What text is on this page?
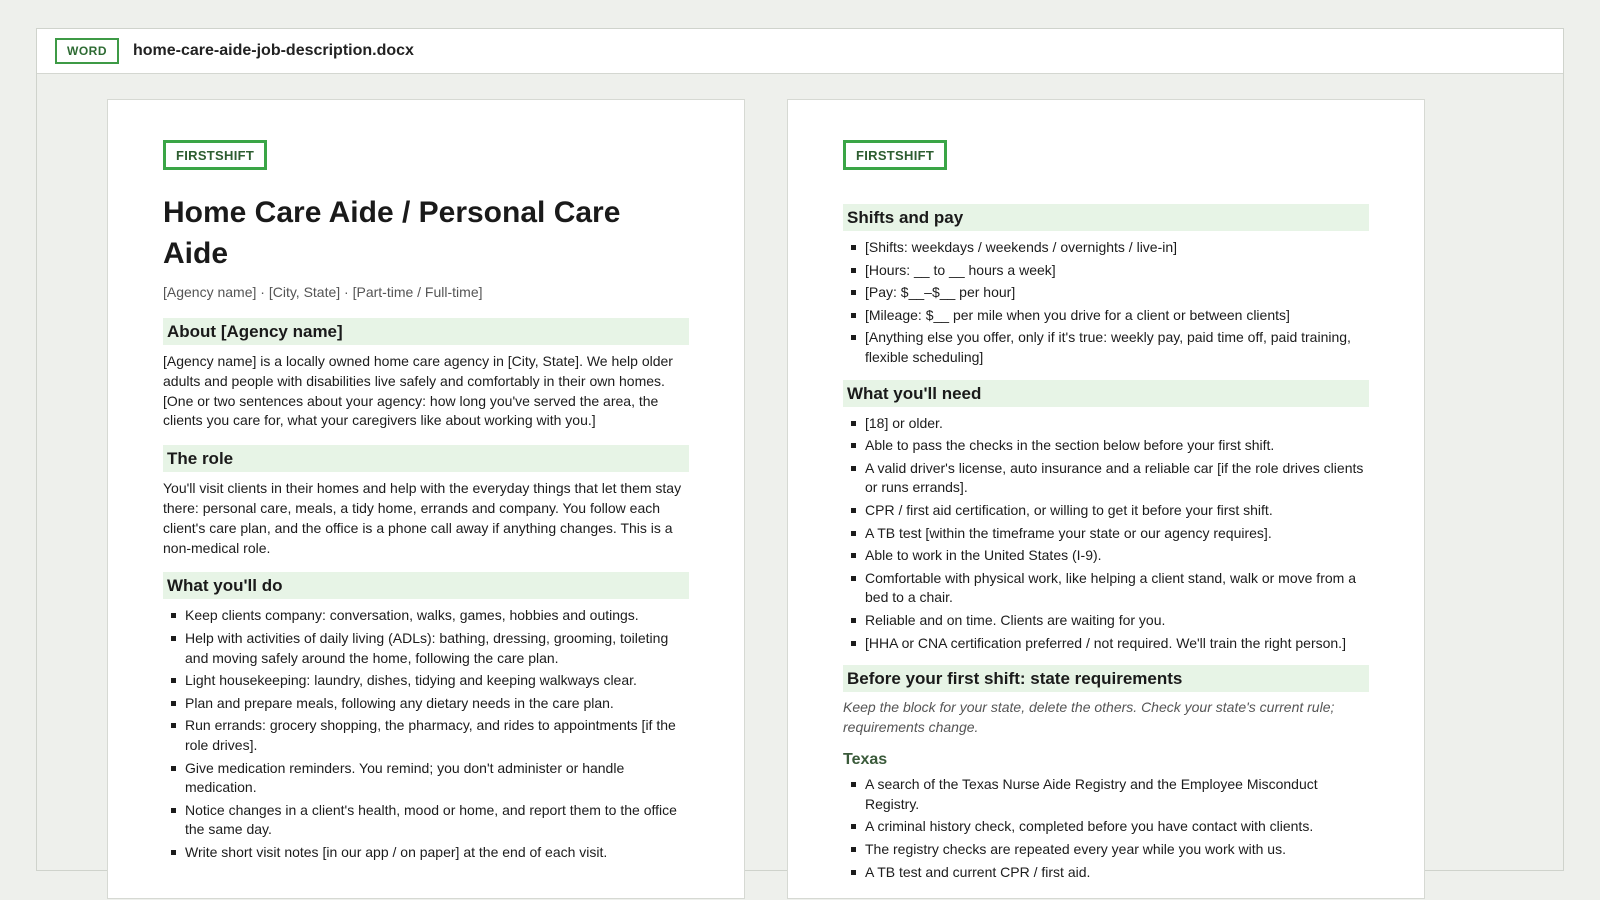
WORD	home-care-aide-job-description.docx
FIRSTSHIFT
Home Care Aide / Personal Care Aide
[Agency name] · [City, State] · [Part-time / Full-time]
About [Agency name]

[Agency name] is a locally owned home care agency in [City, State]. We help older adults and people with disabilities live safely and comfortably in their own homes. [One or two sentences about your agency: how long you've served the area, the clients you care for, what your caregivers like about working with you.]

The role

You'll visit clients in their homes and help with the everyday things that let them stay there: personal care, meals, a tidy home, errands and company. You follow each client's care plan, and the office is a phone call away if anything changes. This is a non-medical role.

What you'll do
Keep clients company: conversation, walks, games, hobbies and outings.
Help with activities of daily living (ADLs): bathing, dressing, grooming, toileting and moving safely around the home, following the care plan.
Light housekeeping: laundry, dishes, tidying and keeping walkways clear.
Plan and prepare meals, following any dietary needs in the care plan.
Run errands: grocery shopping, the pharmacy, and rides to appointments [if the role drives].
Give medication reminders. You remind; you don't administer or handle medication.
Notice changes in a client's health, mood or home, and report them to the office the same day.
Write short visit notes [in our app / on paper] at the end of each visit.
FIRSTSHIFT
Shifts and pay
[Shifts: weekdays / weekends / overnights / live-in]
[Hours: __ to __ hours a week]
[Pay: $__–$__ per hour]
[Mileage: $__ per mile when you drive for a client or between clients]
[Anything else you offer, only if it's true: weekly pay, paid time off, paid training, flexible scheduling]
What you'll need
[18] or older.
Able to pass the checks in the section below before your first shift.
A valid driver's license, auto insurance and a reliable car [if the role drives clients or runs errands].
CPR / first aid certification, or willing to get it before your first shift.
A TB test [within the timeframe your state or our agency requires].
Able to work in the United States (I-9).
Comfortable with physical work, like helping a client stand, walk or move from a bed to a chair.
Reliable and on time. Clients are waiting for you.
[HHA or CNA certification preferred / not required. We'll train the right person.]
Before your first shift: state requirements
Keep the block for your state, delete the others. Check your state's current rule; requirements change.
Texas
A search of the Texas Nurse Aide Registry and the Employee Misconduct Registry.
A criminal history check, completed before you have contact with clients.
The registry checks are repeated every year while you work with us.
A TB test and current CPR / first aid.
